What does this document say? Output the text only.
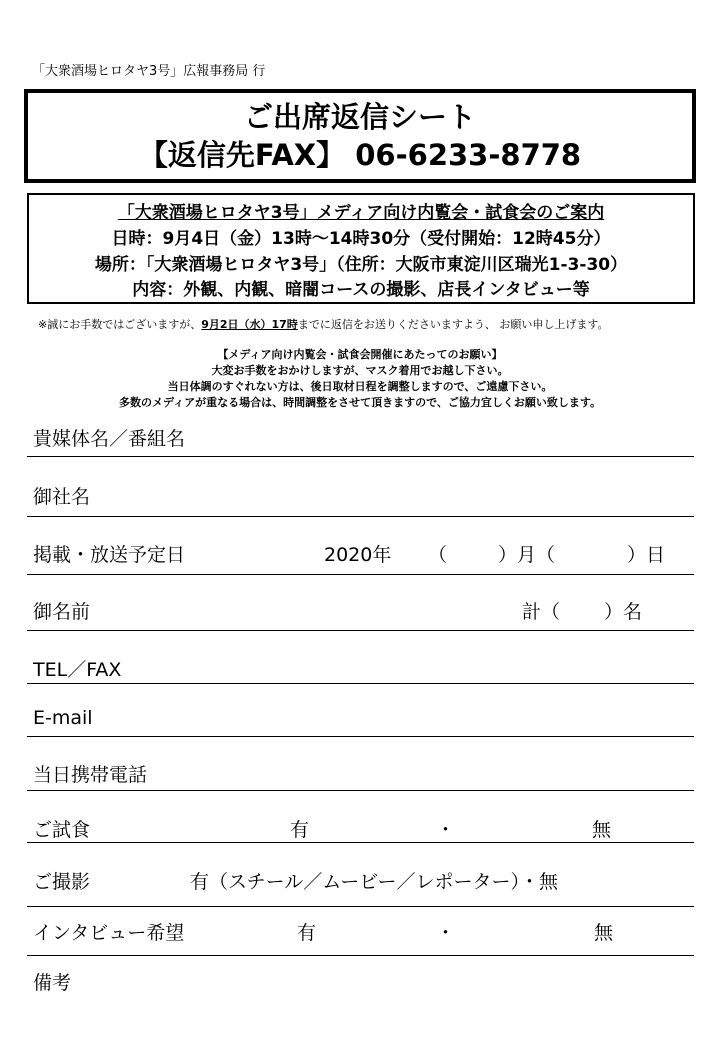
「大衆酒場ヒロタヤ3号」広報事務局 行
ご出席返信シート
【返信先FAX】 06-6233-8778
「大衆酒場ヒロタヤ3号」メディア向け内覧会・試食会のご案内
日時：9月4日（金）13時～14時30分（受付開始：12時45分）
場所：「大衆酒場ヒロタヤ3号」（住所：大阪市東淀川区瑞光1-3-30）
内容：外観、内観、暗闇コースの撮影、店長インタビュー等
※誠にお手数ではございますが、9月2日（水）17時までに返信をお送りくださいますよう、 お願い申し上げます。
【メディア向け内覧会・試食会開催にあたってのお願い】
大変お手数をおかけしますが、マスク着用でお越し下さい。
当日体調のすぐれない方は、後日取材日程を調整しますので、ご遠慮下さい。
多数のメディアが重なる場合は、時間調整をさせて頂きますので、ご協力宜しくお願い致します。
貴媒体名／番組名
御社名
掲載・放送予定日	2020年 （	）月（	）日
御名前	計（ ）名
TEL／FAX
E-mail
当日携帯電話
ご試食	有	・	無
ご撮影	有（スチール／ムービー／レポーター）・無
インタビュー希望	有	・	無
備考
